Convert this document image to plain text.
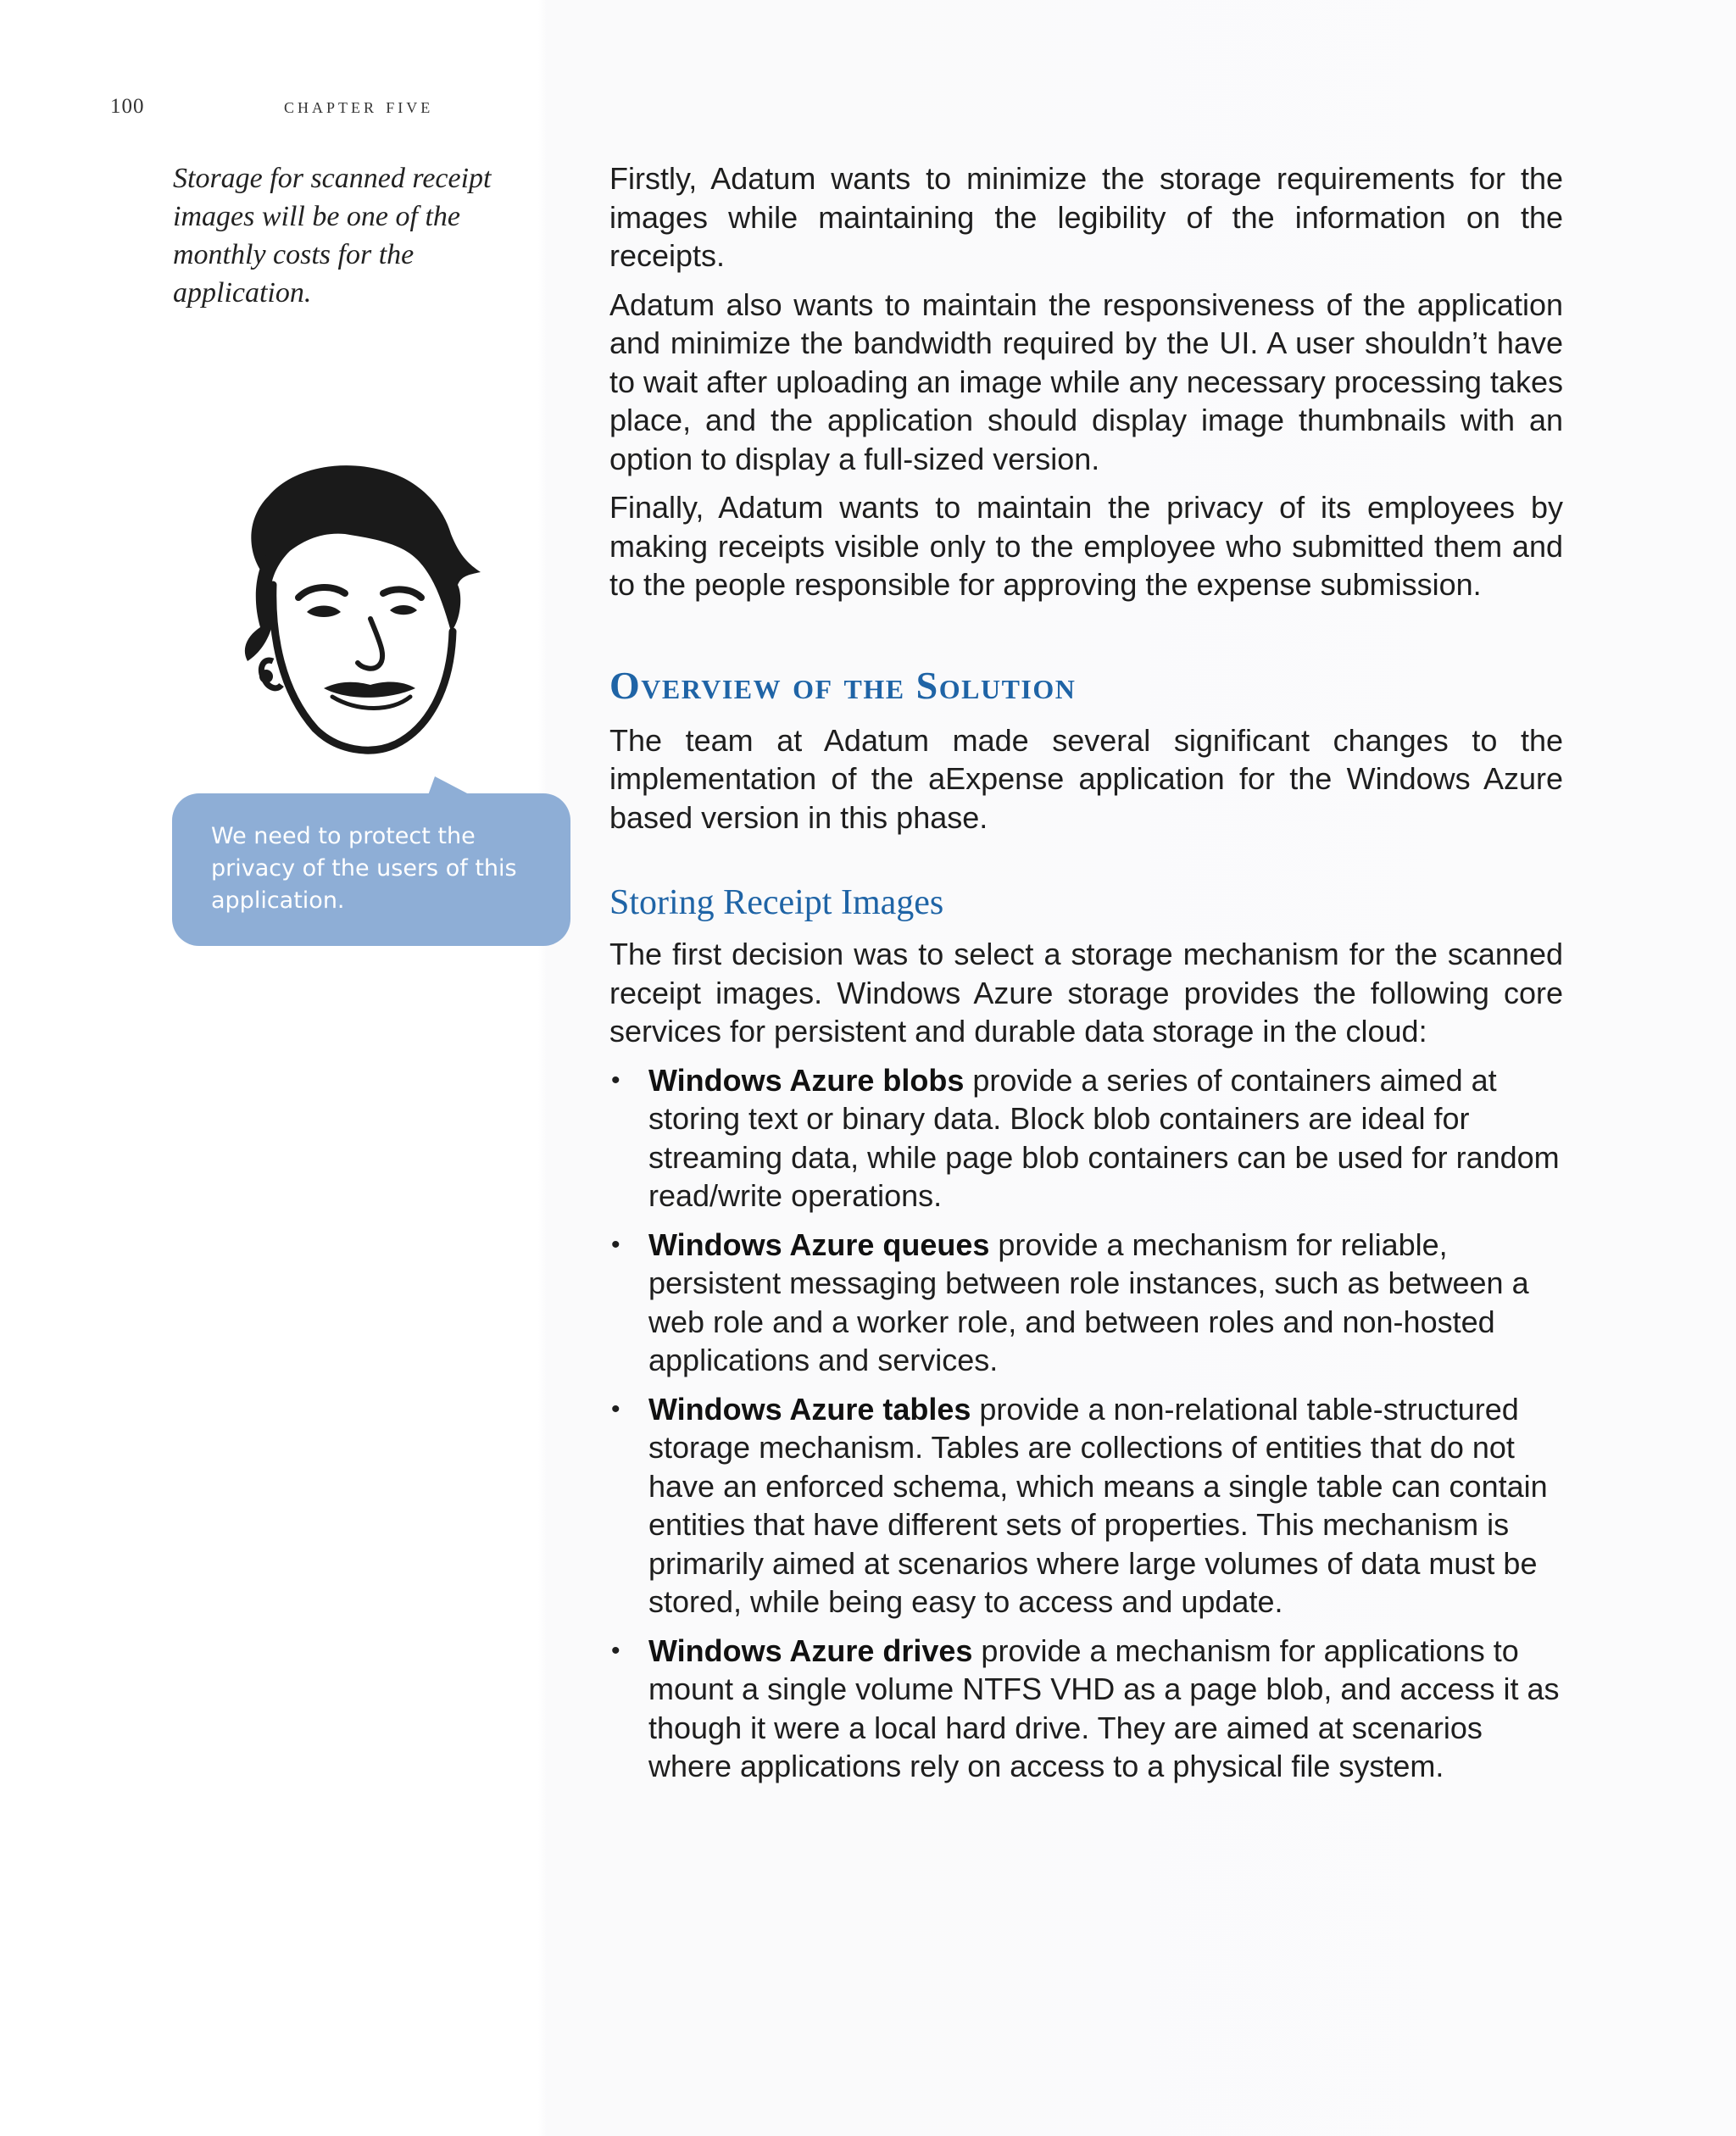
100	chapter five

Storage for scanned receipt images will be one of the monthly costs for the application.

We need to protect the privacy of the users of this application.

Firstly, Adatum wants to minimize the storage requirements for the images while maintaining the legibility of the information on the receipts.

Adatum also wants to maintain the responsiveness of the application and minimize the bandwidth required by the UI. A user shouldn’t have to wait after uploading an image while any necessary processing takes place, and the application should display image thumbnails with an option to display a full-sized version.

Finally, Adatum wants to maintain the privacy of its employees by making receipts visible only to the employee who submitted them and to the people responsible for approving the expense submission.

Overview of the Solution

The team at Adatum made several significant changes to the implementation of the aExpense application for the Windows Azure based version in this phase.

Storing Receipt Images

The first decision was to select a storage mechanism for the scanned receipt images. Windows Azure storage provides the following core services for persistent and durable data storage in the cloud:

• Windows Azure blobs provide a series of containers aimed at storing text or binary data. Block blob containers are ideal for streaming data, while page blob containers can be used for random read/write operations.
• Windows Azure queues provide a mechanism for reliable, persistent messaging between role instances, such as between a web role and a worker role, and between roles and non-hosted applications and services.
• Windows Azure tables provide a non-relational table-structured storage mechanism. Tables are collections of entities that do not have an enforced schema, which means a single table can contain entities that have different sets of properties. This mechanism is primarily aimed at scenarios where large volumes of data must be stored, while being easy to access and update.
• Windows Azure drives provide a mechanism for applications to mount a single volume NTFS VHD as a page blob, and access it as though it were a local hard drive. They are aimed at scenarios where applications rely on access to a physical file system.
